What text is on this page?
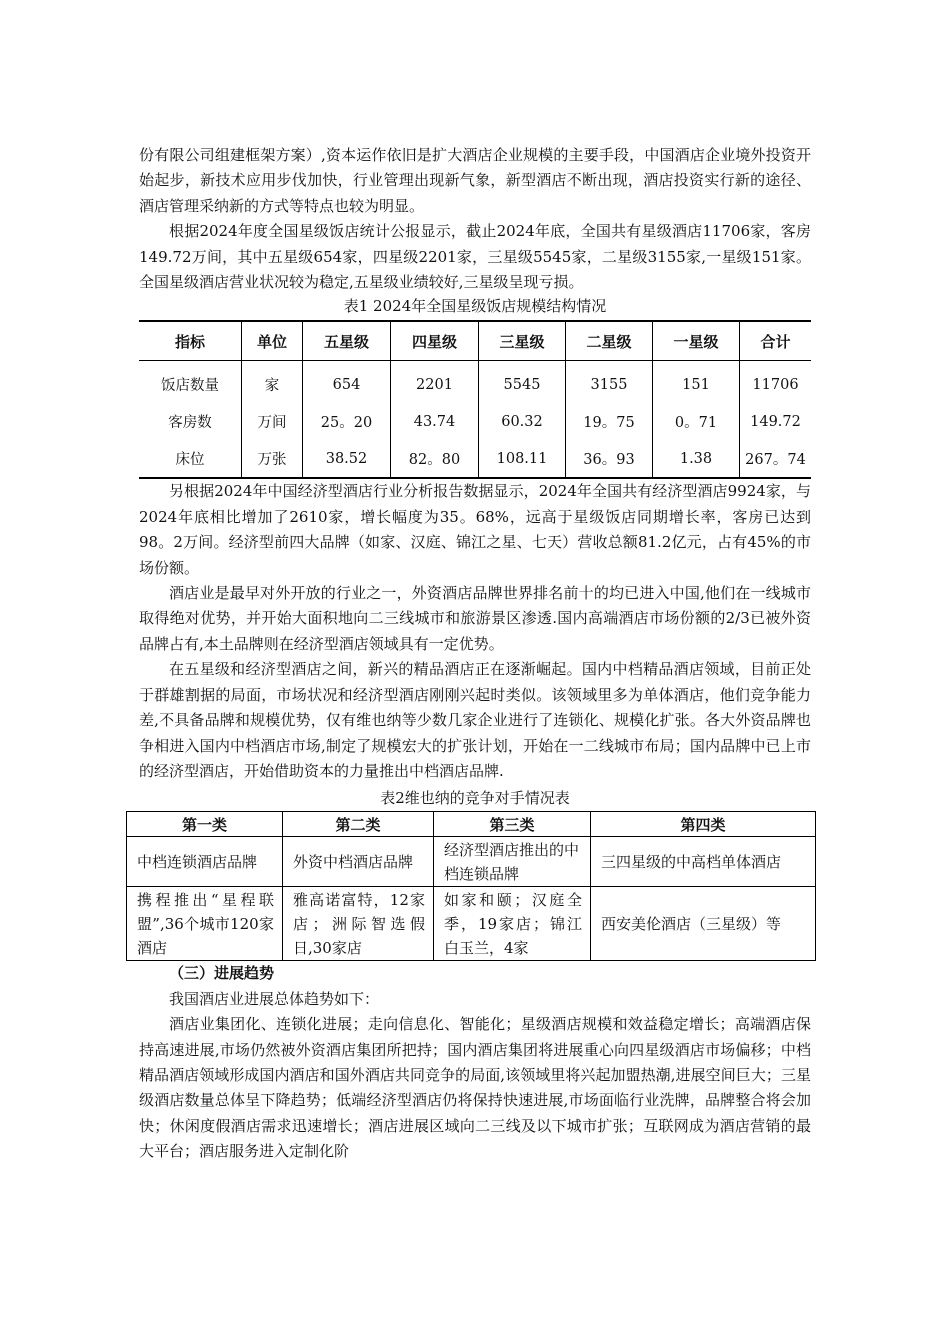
份有限公司组建框架方案）,资本运作依旧是扩大酒店企业规模的主要手段，中国酒店企业境外投资开始起步，新技术应用步伐加快，行业管理出现新气象，新型酒店不断出现，酒店投资实行新的途径、酒店管理采纳新的方式等特点也较为明显。

根据2024年度全国星级饭店统计公报显示，截止2024年底，全国共有星级酒店11706家，客房149.72万间，其中五星级654家，四星级2201家，三星级5545家，二星级3155家,一星级151家。全国星级酒店营业状况较为稳定,五星级业绩较好,三星级呈现亏损。

表1 2024年全国星级饭店规模结构情况

指标	单位	五星级	四星级	三星级	二星级	一星级	合计
饭店数量	家	654	2201	5545	3155	151	11706
客房数	万间	25。20	43.74	60.32	19。75	0。71	149.72
床位	万张	38.52	82。80	108.11	36。93	1.38	267。74

另根据2024年中国经济型酒店行业分析报告数据显示，2024年全国共有经济型酒店9924家，与2024年底相比增加了2610家，增长幅度为35。68%，远高于星级饭店同期增长率，客房已达到98。2万间。经济型前四大品牌（如家、汉庭、锦江之星、七天）营收总额81.2亿元，占有45%的市场份额。

酒店业是最早对外开放的行业之一，外资酒店品牌世界排名前十的均已进入中国,他们在一线城市取得绝对优势，并开始大面积地向二三线城市和旅游景区渗透.国内高端酒店市场份额的2/3已被外资品牌占有,本土品牌则在经济型酒店领域具有一定优势。

在五星级和经济型酒店之间，新兴的精品酒店正在逐渐崛起。国内中档精品酒店领域，目前正处于群雄割据的局面，市场状况和经济型酒店刚刚兴起时类似。该领域里多为单体酒店，他们竞争能力差,不具备品牌和规模优势，仅有维也纳等少数几家企业进行了连锁化、规模化扩张。各大外资品牌也争相进入国内中档酒店市场,制定了规模宏大的扩张计划，开始在一二线城市布局；国内品牌中已上市的经济型酒店，开始借助资本的力量推出中档酒店品牌.

表2维也纳的竞争对手情况表

第一类	第二类	第三类	第四类
中档连锁酒店品牌	外资中档酒店品牌	经济型酒店推出的中档连锁品牌	三四星级的中高档单体酒店
携程推出“星程联盟”,36个城市120家酒店	雅高诺富特，12家店；洲际智选假日,30家店	如家和颐；汉庭全季，19家店；锦江白玉兰，4家	西安美伦酒店（三星级）等

（三）进展趋势

我国酒店业进展总体趋势如下：

酒店业集团化、连锁化进展；走向信息化、智能化；星级酒店规模和效益稳定增长；高端酒店保持高速进展,市场仍然被外资酒店集团所把持；国内酒店集团将进展重心向四星级酒店市场偏移；中档精品酒店领域形成国内酒店和国外酒店共同竞争的局面,该领域里将兴起加盟热潮,进展空间巨大；三星级酒店数量总体呈下降趋势；低端经济型酒店仍将保持快速进展,市场面临行业洗牌，品牌整合将会加快；休闲度假酒店需求迅速增长；酒店进展区域向二三线及以下城市扩张；互联网成为酒店营销的最大平台；酒店服务进入定制化阶
